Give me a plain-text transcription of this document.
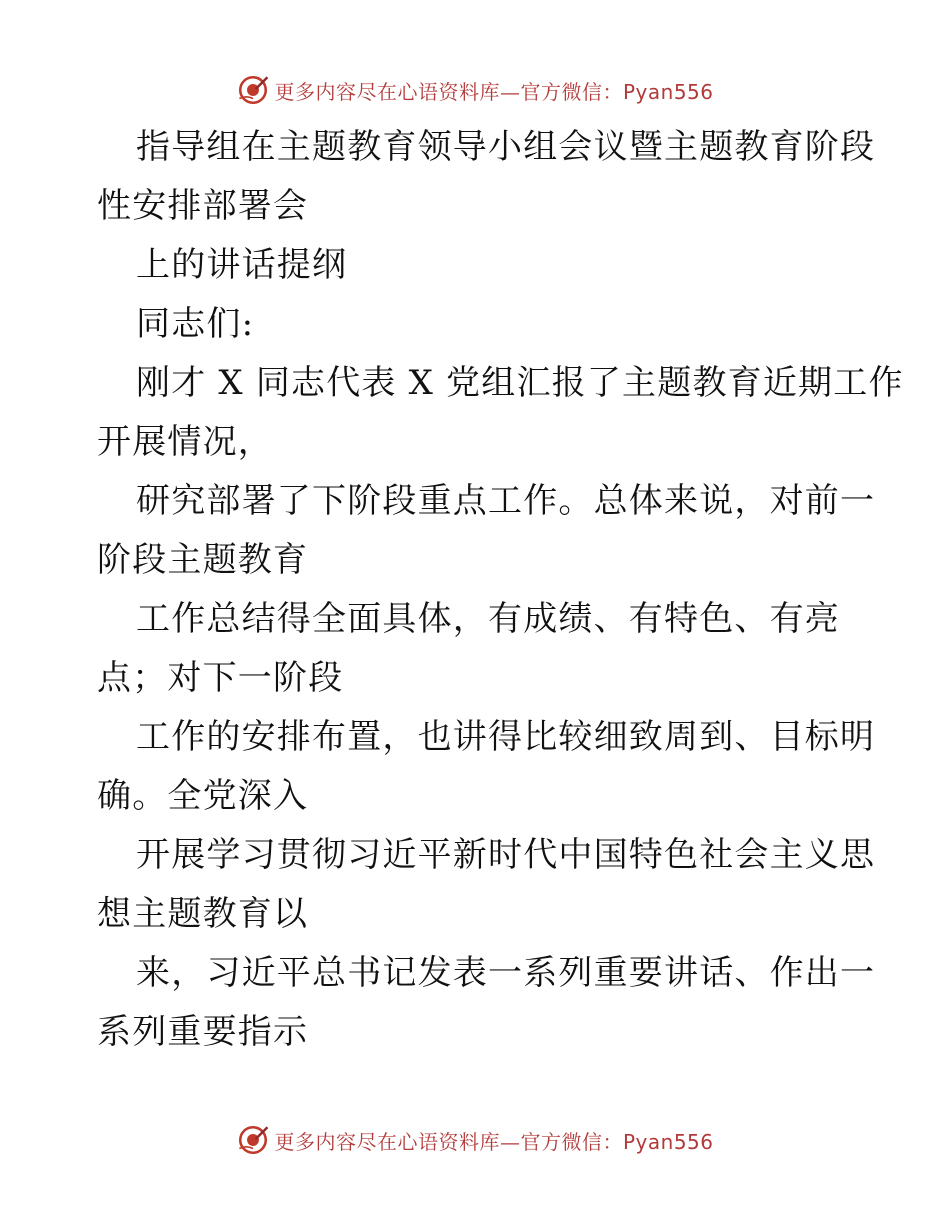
更多内容尽在心语资料库—官方微信：Pyan556
指导组在主题教育领导小组会议暨主题教育阶段
性安排部署会
上的讲话提纲
同志们:
刚才 X 同志代表 X 党组汇报了主题教育近期工作
开展情况，
研究部署了下阶段重点工作。总体来说，对前一
阶段主题教育
工作总结得全面具体，有成绩、有特色、有亮
点；对下一阶段
工作的安排布置，也讲得比较细致周到、目标明
确。全党深入
开展学习贯彻习近平新时代中国特色社会主义思
想主题教育以
来，习近平总书记发表一系列重要讲话、作出一
系列重要指示
更多内容尽在心语资料库—官方微信：Pyan556
